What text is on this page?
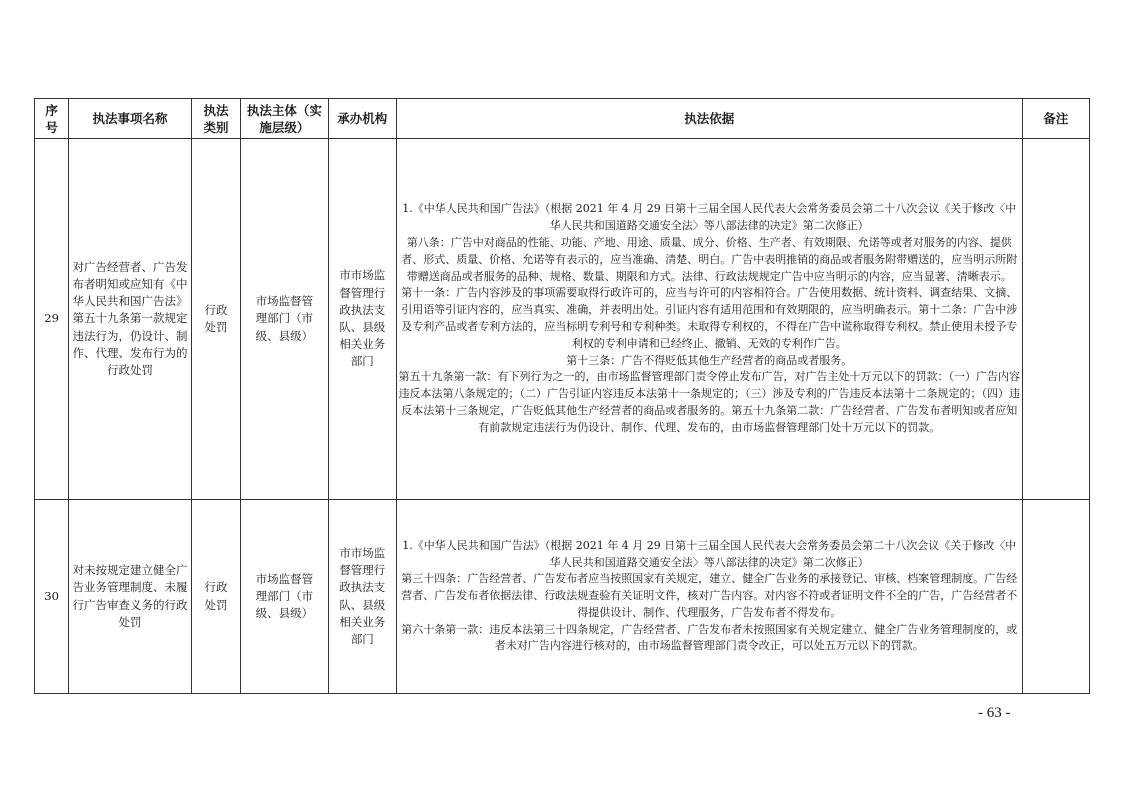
序号	执法事项名称	执法类别	执法主体（实施层级）	承办机构	执法依据	备注
29	对广告经营者、广告发布者明知或应知有《中华人民共和国广告法》第五十九条第一款规定违法行为，仍设计、制作、代理、发布行为的行政处罚	行政处罚	市场监督管理部门（市级、县级）	市市场监督管理行政执法支队、县级相关业务部门	1.《中华人民共和国广告法》（根据 2021 年 4 月 29 日第十三届全国人民代表大会常务委员会第二十八次会议《关于修改〈中华人民共和国道路交通安全法〉等八部法律的决定》第二次修正）
第八条：广告中对商品的性能、功能、产地、用途、质量、成分、价格、生产者、有效期限、允诺等或者对服务的内容、提供者、形式、质量、价格、允诺等有表示的，应当准确、清楚、明白。广告中表明推销的商品或者服务附带赠送的，应当明示所附带赠送商品或者服务的品种、规格、数量、期限和方式。法律、行政法规规定广告中应当明示的内容，应当显著、清晰表示。
第十一条：广告内容涉及的事项需要取得行政许可的，应当与许可的内容相符合。广告使用数据、统计资料、调查结果、文摘、引用语等引证内容的，应当真实、准确，并表明出处。引证内容有适用范围和有效期限的，应当明确表示。第十二条：广告中涉及专利产品或者专利方法的，应当标明专利号和专利种类。未取得专利权的，不得在广告中谎称取得专利权。禁止使用未授予专利权的专利申请和已经终止、撤销、无效的专利作广告。
第十三条：广告不得贬低其他生产经营者的商品或者服务。
第五十九条第一款：有下列行为之一的，由市场监督管理部门责令停止发布广告，对广告主处十万元以下的罚款：（一）广告内容违反本法第八条规定的；（二）广告引证内容违反本法第十一条规定的；（三）涉及专利的广告违反本法第十二条规定的；（四）违反本法第十三条规定，广告贬低其他生产经营者的商品或者服务的。第五十九条第二款：广告经营者、广告发布者明知或者应知有前款规定违法行为仍设计、制作、代理、发布的，由市场监督管理部门处十万元以下的罚款。	

30	对未按规定建立健全广告业务管理制度、未履行广告审查义务的行政处罚	行政处罚	市场监督管理部门（市级、县级）	市市场监督管理行政执法支队、县级相关业务部门	1.《中华人民共和国广告法》（根据 2021 年 4 月 29 日第十三届全国人民代表大会常务委员会第二十八次会议《关于修改〈中华人民共和国道路交通安全法〉等八部法律的决定》第二次修正）
第三十四条：广告经营者、广告发布者应当按照国家有关规定，建立、健全广告业务的承接登记、审核、档案管理制度。广告经营者、广告发布者依据法律、行政法规查验有关证明文件，核对广告内容。对内容不符或者证明文件不全的广告，广告经营者不得提供设计、制作、代理服务，广告发布者不得发布。
第六十条第一款：违反本法第三十四条规定，广告经营者、广告发布者未按照国家有关规定建立、健全广告业务管理制度的，或者未对广告内容进行核对的，由市场监督管理部门责令改正，可以处五万元以下的罚款。	

- 63 -
